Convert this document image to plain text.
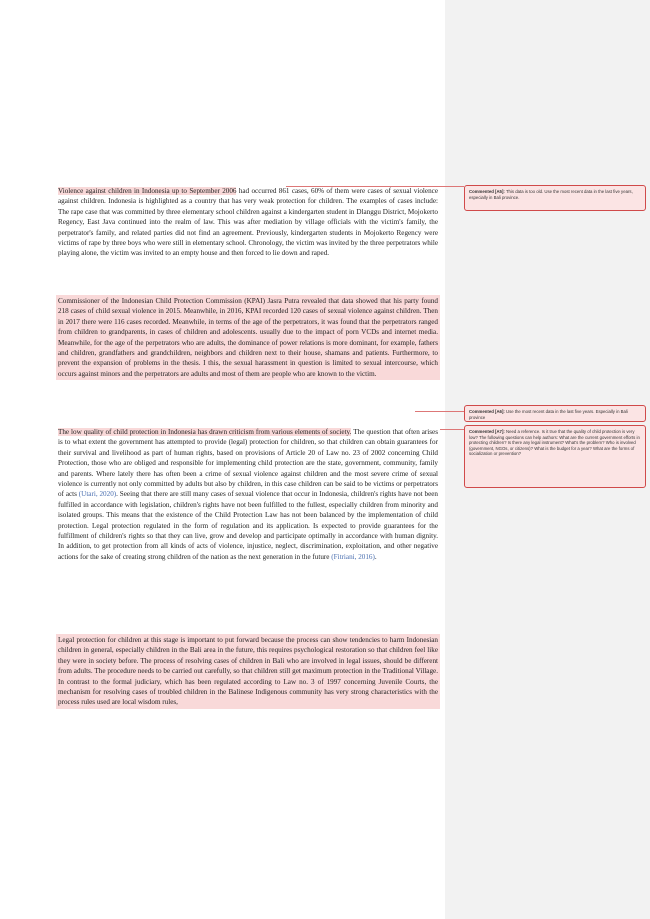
Violence against children in Indonesia up to September 2006 had occurred 861 cases, 60% of them were cases of sexual violence against children. Indonesia is highlighted as a country that has very weak protection for children. The examples of cases include: The rape case that was committed by three elementary school children against a kindergarten student in Dlanggu District, Mojokerto Regency, East Java continued into the realm of law. This was after mediation by village officials with the victim's family, the perpetrator's family, and related parties did not find an agreement. Previously, kindergarten students in Mojokerto Regency were victims of rape by three boys who were still in elementary school. Chronology, the victim was invited by the three perpetrators while playing alone, the victim was invited to an empty house and then forced to lie down and raped.
Commissioner of the Indonesian Child Protection Commission (KPAI) Jasra Putra revealed that data showed that his party found 218 cases of child sexual violence in 2015. Meanwhile, in 2016, KPAI recorded 120 cases of sexual violence against children. Then in 2017 there were 116 cases recorded. Meanwhile, in terms of the age of the perpetrators, it was found that the perpetrators ranged from children to grandparents, in cases of children and adolescents. usually due to the impact of porn VCDs and internet media. Meanwhile, for the age of the perpetrators who are adults, the dominance of power relations is more dominant, for example, fathers and children, grandfathers and grandchildren, neighbors and children next to their house, shamans and patients. Furthermore, to prevent the expansion of problems in the thesis. I this, the sexual harassment in question is limited to sexual intercourse, which occurs against minors and the perpetrators are adults and most of them are people who are known to the victim.
The low quality of child protection in Indonesia has drawn criticism from various elements of society. The question that often arises is to what extent the government has attempted to provide (legal) protection for children, so that children can obtain guarantees for their survival and livelihood as part of human rights, based on provisions of Article 20 of Law no. 23 of 2002 concerning Child Protection, those who are obliged and responsible for implementing child protection are the state, government, community, family and parents. Where lately there has often been a crime of sexual violence against children and the most severe crime of sexual violence is currently not only committed by adults but also by children, in this case children can be said to be victims or perpetrators of acts (Utari, 2020). Seeing that there are still many cases of sexual violence that occur in Indonesia, children's rights have not been fulfilled in accordance with legislation, children's rights have not been fulfilled to the fullest, especially children from minority and isolated groups. This means that the existence of the Child Protection Law has not been balanced by the implementation of child protection. Legal protection regulated in the form of regulation and its application. Is expected to provide guarantees for the fulfillment of children's rights so that they can live, grow and develop and participate optimally in accordance with human dignity. In addition, to get protection from all kinds of acts of violence, injustice, neglect, discrimination, exploitation, and other negative actions for the sake of creating strong children of the nation as the next generation in the future (Fitriani, 2016).
Legal protection for children at this stage is important to put forward because the process can show tendencies to harm Indonesian children in general, especially children in the Bali area in the future, this requires psychological restoration so that children feel like they were in society before. The process of resolving cases of children in Bali who are involved in legal issues, should be different from adults. The procedure needs to be carried out carefully, so that children still get maximum protection in the Traditional Village. In contrast to the formal judiciary, which has been regulated according to Law no. 3 of 1997 concerning Juvenile Courts, the mechanism for resolving cases of troubled children in the Balinese Indigenous community has very strong characteristics with the process rules used are local wisdom rules,
Commented [A5]: This data is too old. Use the most recent data in the last five years, especially in Bali province.
Commented [A6]: Use the most recent data in the last five years. Especially in Bali province
Commented [A7]: Need a reference. Is it true that the quality of child protection is very low? The following questions can help authors: What are the current government efforts in protecting children? Is there any legal instrument? What's the problem? Who is involved (government, NGOs, or citizens)? What is the budget for a year? What are the forms of socialization or prevention?
